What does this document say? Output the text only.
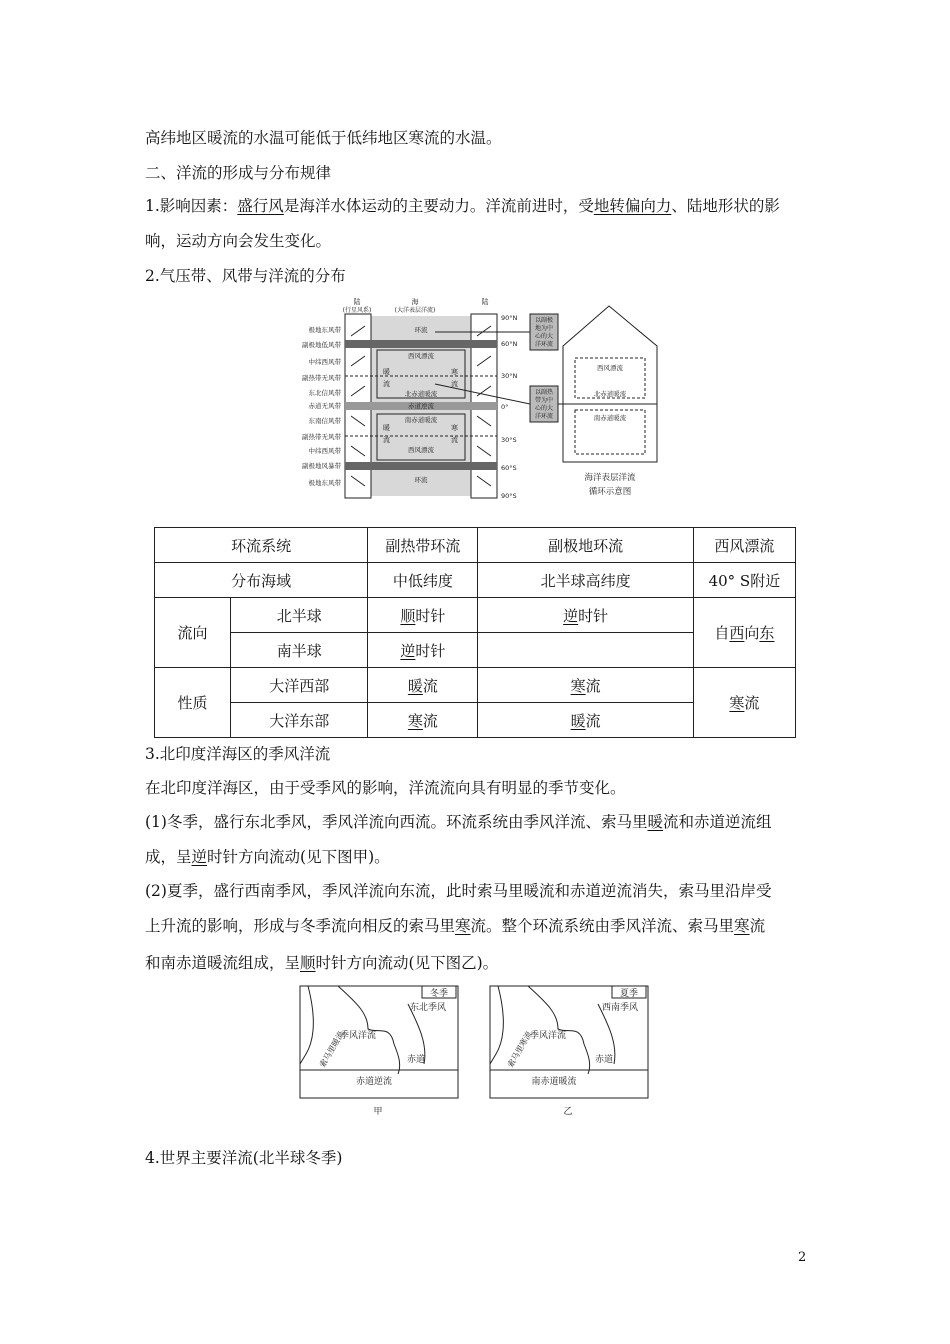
高纬地区暖流的水温可能低于低纬地区寒流的水温。
二、洋流的形成与分布规律
1.影响因素：盛行风是海洋水体运动的主要动力。洋流前进时，受地转偏向力、陆地形状的影
响，运动方向会发生变化。
2.气压带、风带与洋流的分布
陆
(行星风系)
海
(大洋表层洋流)
陆
极地东风带
副极地低风带
中纬西风带
副热带无风带
东北信风带
赤道无风带
东南信风带
副热带无风带
中纬西风带
副极地风暴带
极地东风带
90°N
60°N
30°N
0°
30°S
60°S
90°S
环流
西风漂流
北赤道暖流
赤道逆流
南赤道暖流
西风漂流
环流
暖
流
寒
流
暖
流
寒
流
以副极
地为中
心的大
洋环流
以副热
带为中
心的大
洋环流
西风漂流
北赤道暖流
南赤道暖流
海洋表层洋流
循环示意图
环流系统		副热带环流	副极地环流	西风漂流
分布海域		中低纬度	北半球高纬度	40° S附近
流向	北半球	顺时针	逆时针	自西向东
	南半球	逆时针		
性质	大洋西部	暖流	寒流	寒流
	大洋东部	寒流	暖流	
3.北印度洋海区的季风洋流
在北印度洋海区，由于受季风的影响，洋流流向具有明显的季节变化。
(1)冬季，盛行东北季风，季风洋流向西流。环流系统由季风洋流、索马里暖流和赤道逆流组
成，呈逆时针方向流动(见下图甲)。
(2)夏季，盛行西南季风，季风洋流向东流，此时索马里暖流和赤道逆流消失，索马里沿岸受
上升流的影响，形成与冬季流向相反的索马里寒流。整个环流系统由季风洋流、索马里寒流
和南赤道暖流组成，呈顺时针方向流动(见下图乙)。
冬季
东北季风
季风洋流
索马里暖流	赤道
赤道逆流
甲
夏季
西南季风
季风洋流
索马里寒流	赤道
南赤道暖流
乙
4.世界主要洋流(北半球冬季)
2
